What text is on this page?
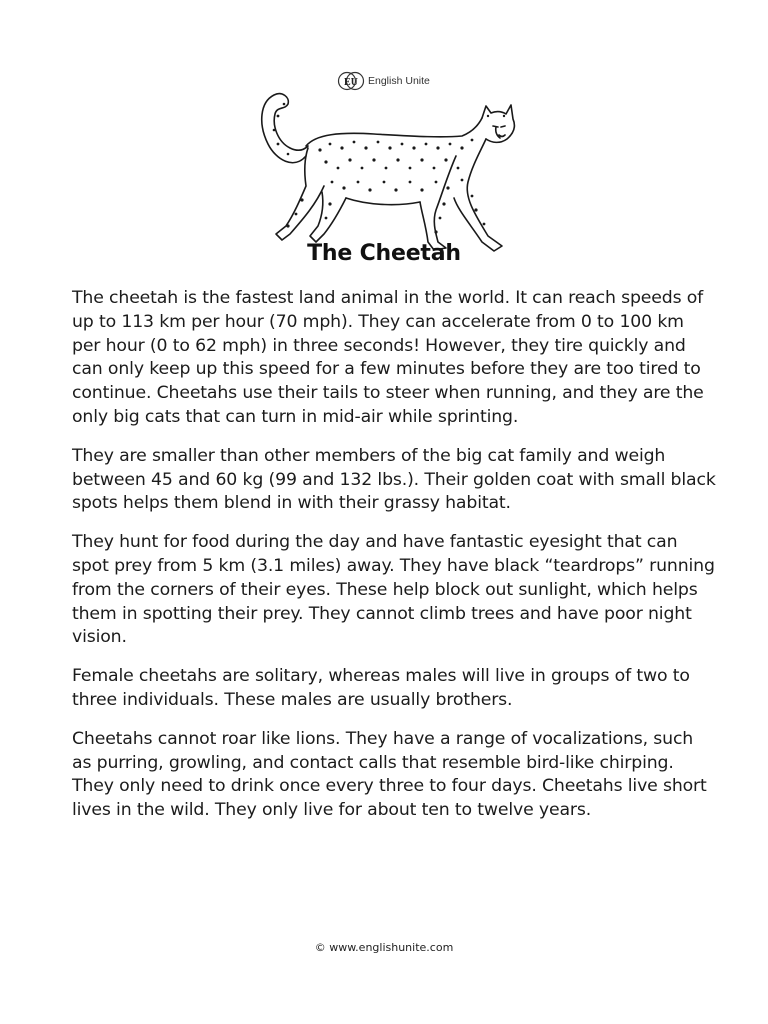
EU English Unite
The Cheetah

The cheetah is the fastest land animal in the world. It can reach speeds of up to 113 km per hour (70 mph). They can accelerate from 0 to 100 km per hour (0 to 62 mph) in three seconds! However, they tire quickly and can only keep up this speed for a few minutes before they are too tired to continue. Cheetahs use their tails to steer when running, and they are the only big cats that can turn in mid-air while sprinting.

They are smaller than other members of the big cat family and weigh between 45 and 60 kg (99 and 132 lbs.). Their golden coat with small black spots helps them blend in with their grassy habitat.

They hunt for food during the day and have fantastic eyesight that can spot prey from 5 km (3.1 miles) away. They have black “teardrops” running from the corners of their eyes. These help block out sunlight, which helps them in spotting their prey. They cannot climb trees and have poor night vision.

Female cheetahs are solitary, whereas males will live in groups of two to three individuals. These males are usually brothers.

Cheetahs cannot roar like lions. They have a range of vocalizations, such as purring, growling, and contact calls that resemble bird-like chirping. They only need to drink once every three to four days. Cheetahs live short lives in the wild. They only live for about ten to twelve years.

© www.englishunite.com
